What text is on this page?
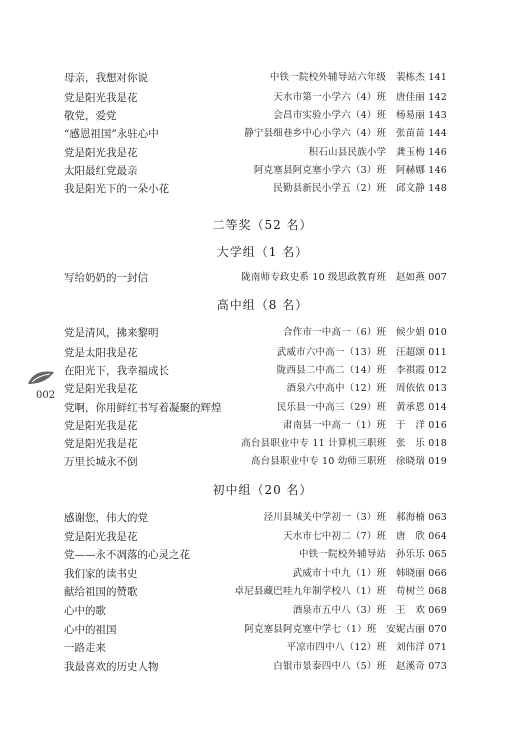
母亲，我想对你说	中铁一院校外辅导站六年级　裴栋杰 141
党是阳光我是花	天水市第一小学六（4）班　唐佳丽 142
敬党，爱党	会昌市实验小学六（4）班　杨易丽 143
“感恩祖国”永驻心中	静宁县细巷乡中心小学六（4）班　张苗苗 144
党是阳光我是花	积石山县民族小学　龚玉梅 146
太阳最红党最亲	阿克塞县阿克塞小学六（3）班　阿赫娜 146
我是阳光下的一朵小花	民勤县新民小学五（2）班　邱文静 148
二等奖（52 名）
大学组（1 名）
写给奶奶的一封信	陇南师专政史系 10 级思政教育班　赵如燕 007
高中组（8 名）
党是清风，拂来黎明	合作市一中高一（6）班　候少娟 010
党是太阳我是花	武威市六中高一（13）班　汪超颂 011
在阳光下，我幸福成长	陇西县二中高二（14）班　李祺霞 012
党是阳光我是花	酒泉六中高中（12）班　周依依 013
党啊，你用鲜红书写着凝聚的辉煌	民乐县一中高三（29）班　黄承恩 014
党是阳光我是花	肃南县一中高一（1）班　于　洋 016
党是阳光我是花	高台县职业中专 11 计算机三职班　张　乐 018
万里长城永不倒	高台县职业中专 10 幼师三职班　徐晓瑞 019
初中组（20 名）
感谢您，伟大的党	泾川县城关中学初一（3）班　郝海楠 063
党是阳光我是花	天水市七中初二（7）班　唐　欣 064
党——永不凋落的心灵之花	中铁一院校外辅导站　孙乐乐 065
我们家的读书史	武威市十中九（1）班　韩晓丽 066
献给祖国的赞歌	卓尼县藏巴哇九年制学校八（1）班　苟树兰 068
心中的歌	酒泉市五中八（3）班　王　欢 069
心中的祖国	阿克塞县阿克塞中学七（1）班　安妮古丽 070
一路走来	平凉市四中八（12）班　刘伟洋 071
我最喜欢的历史人物	白银市景泰四中八（5）班　赵溪奇 073
002
